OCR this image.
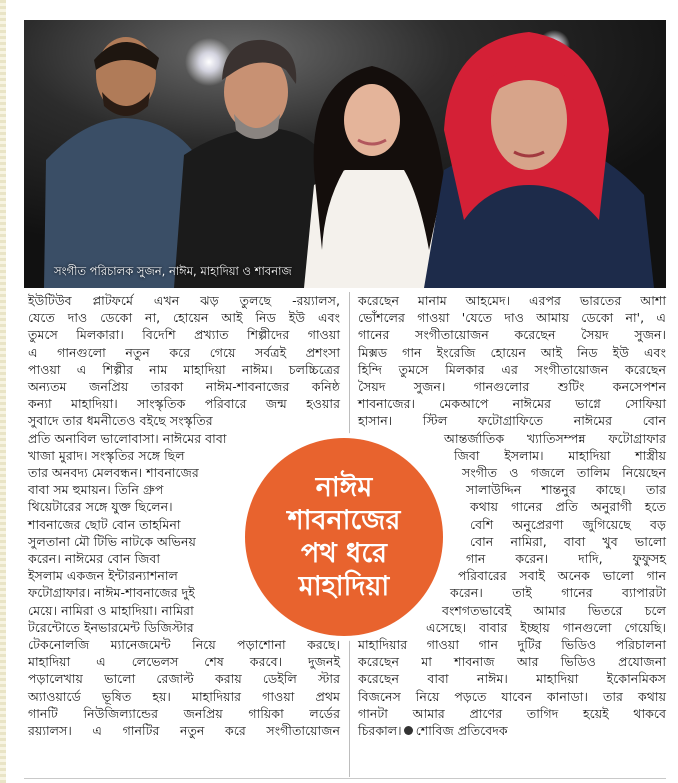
সংগীত পরিচালক সুজন, নাঈম, মাহাদিয়া ও শাবনাজ

ইউটিউব প্লাটফর্মে এখন ঝড় তুলছে -রয়্যালস,

যেতে দাও ডেকো না, হোয়েন আই নিড ইউ এবং

তুমসে মিলকারা। বিদেশি প্রখ্যাত শিল্পীদের গাওয়া

এ গানগুলো নতুন করে গেয়ে সর্বত্রই প্রশংসা

পাওয়া এ শিল্পীর নাম মাহাদিয়া নাঈম। চলচ্চিত্রের

অন্যতম জনপ্রিয় তারকা নাঈম-শাবনাজের কনিষ্ঠ

কন্যা মাহাদিয়া। সাংস্কৃতিক পরিবারে জন্ম হওয়ার

সুবাদে তার ধমনীতেও বইছে সংস্কৃতির

প্রতি অনাবিল ভালোবাসা। নাঈমের বাবা

খাজা মুরাদ। সংস্কৃতির সঙ্গে ছিল

তার অনবদ্য মেলবন্ধন। শাবনাজের

বাবা সম হুমায়ন। তিনি গ্রুপ

থিয়েটারের সঙ্গে যুক্ত ছিলেন।

শাবনাজের ছোট বোন তাহমিনা

সুলতানা মৌ টিভি নাটকে অভিনয়

করেন। নাঈমের বোন জিবা

ইসলাম একজন ইন্টারন্যাশনাল

ফটোগ্রাফার। নাঈম-শাবনাজের দুই

মেয়ে। নামিরা ও মাহাদিয়া। নামিরা

টরেন্টোতে ইনভারমেন্ট ডিজিস্টার

টেকনোলজি ম্যানেজমেন্ট নিয়ে পড়াশোনা করছে।

মাহাদিয়া এ লেভেলস শেষ করবে। দুজনই

পড়ালেখায় ভালো রেজাল্ট করায় ডেইলি স্টার

অ্যাওয়ার্ডে ভূষিত হয়। মাহাদিয়ার গাওয়া প্রথম

গানটি নিউজিল্যান্ডের জনপ্রিয় গায়িকা লর্ডের

রয়্যালস। এ গানটির নতুন করে সংগীতায়োজন

করেছেন মানাম আহমেদ। এরপর ভারতের আশা

ভোঁশলের গাওয়া 'যেতে দাও আমায় ডেকো না', এ

গানের সংগীতায়োজন করেছেন সৈয়দ সুজন।

মিক্সড গান ইংরেজি হোয়েন আই নিড ইউ এবং

হিন্দি তুমসে মিলকার এর সংগীতায়োজন করেছেন

সৈয়দ সুজন। গানগুলোর শুটিং কনসেপশন

শাবনাজের। মেকআপে নাঈমের ভাগ্নে সোফিয়া

হাসান। স্টিল ফটোগ্রাফিতে নাঈমের বোন

আন্তর্জাতিক খ্যাতিসম্পন্ন ফটোগ্রাফার

জিবা ইসলাম। মাহাদিয়া শাস্ত্রীয়

সংগীত ও গজলে তালিম নিয়েছেন

সালাউদ্দিন শান্তনুর কাছে। তার

কথায় গানের প্রতি অনুরাগী হতে

বেশি অনুপ্রেরণা জুগিয়েছে বড়

বোন নামিরা, বাবা খুব ভালো

গান করেন। দাদি, ফুফুসহ

পরিবারের সবাই অনেক ভালো গান

করেন। তাই গানের ব্যাপারটা

বংশগতভাবেই আমার ভিতরে চলে

এসেছে। বাবার ইচ্ছায় গানগুলো গেয়েছি।

মাহাদিয়ার গাওয়া গান দুটির ভিডিও পরিচালনা

করেছেন মা শাবনাজ আর ভিডিও প্রযোজনা

করেছেন বাবা নাঈম। মাহাদিয়া ইকোনমিকস

বিজনেস নিয়ে পড়তে যাবেন কানাডা। তার কথায়

গানটা আমার প্রাণের তাগিদ হয়েই থাকবে

চিরকাল। শোবিজ প্রতিবেদক

নাঈম
শাবনাজের
পথ ধরে
মাহাদিয়া
